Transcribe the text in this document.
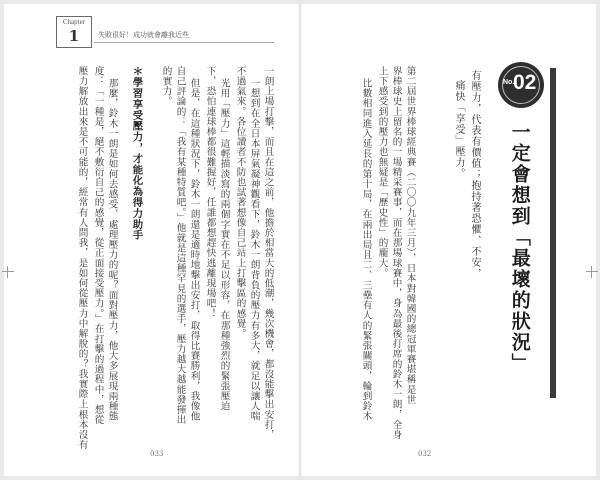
Chapter
1	失敗很好！成功就會離我近些
一朗上場打擊，而且在這之前，他擔於相當大的低潮，幾次機會，都沒能擊出安打，
一想到在全日本屏氣凝神觀看下，鈴木一朗背負的壓力有多大，就足以讓人喘
不過氣來。各位讀者不防也試著想像自己站上打擊區的感覺。
光用「壓力」這輕描淡寫的兩個字實在不足以形容，在那種強烈的緊張壓迫
下，恐怕連球棒都很難握好，任誰都想趕快逃離現場吧！
但是，在這種狀況下，鈴木一朗還是適時地擊出安打，取得比賽勝利，我像他
自己評論的：「我有某種特質吧。」他就是這種罕見的選手，壓力越大越能發揮出
的實力。
＊學習享受壓力，才能化為得力助手
那麼，鈴木一朗是如何去感受、處理壓力的呢？面對壓力，他大多展現兩種態
度：「一種是，絕不敷衍自己的感覺，從正面接受壓力。」在打擊的過程中，想從
壓力解放出來是不可能的，經常有人問我，是如何從壓力中解脫的？我實際上根本沒有
033
第二屆世界棒球經典賽（二〇〇九年三月），日本對韓國的總冠軍賽堪稱是世
界棒球史上留名的一場精采賽事，而在那場球賽中，身為最後打席的鈴木一朗，全身
上下感受到的壓力也無疑是「歷史性」的龐大。
比數相同進入延長的第十局，在兩出局且二、三壘有人的緊張關頭，輪到鈴木	有壓力，代表有價值；抱持著恐懼、不安，
痛快「享受」壓力。	No.
02
一定會想到「最壞的狀況」
032
